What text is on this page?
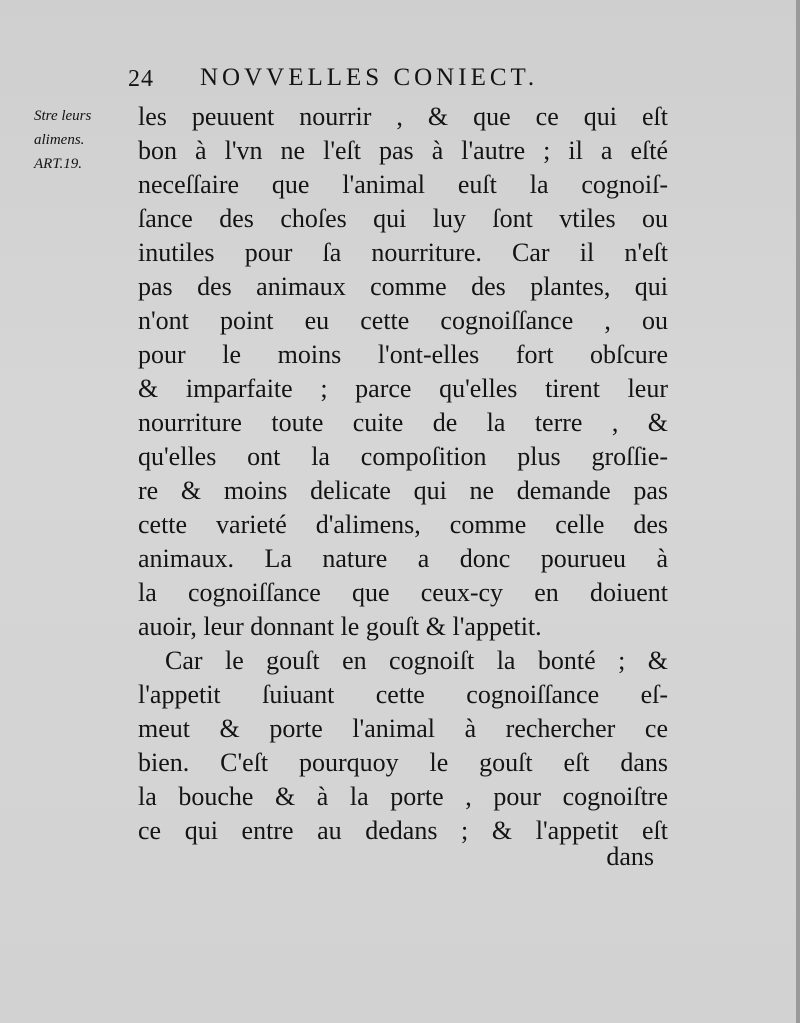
24 NOVVELLES CONIECT.
Stre leurs
alimens.
ART.19.
les peuuent nourrir , & que ce qui eſt
bon à l'vn ne l'eſt pas à l'autre ; il a eſté
neceſſaire que l'animal euſt la cognoiſ-
ſance des choſes qui luy ſont vtiles ou
inutiles pour ſa nourriture. Car il n'eſt
pas des animaux comme des plantes, qui
n'ont point eu cette cognoiſſance , ou
pour le moins l'ont-elles fort obſcure
& imparfaite ; parce qu'elles tirent leur
nourriture toute cuite de la terre , &
qu'elles ont la compoſition plus groſſie-
re & moins delicate qui ne demande pas
cette varieté d'alimens, comme celle des
animaux. La nature a donc pourueu à
la cognoiſſance que ceux-cy en doiuent
auoir, leur donnant le gouſt & l'appetit.
Car le gouſt en cognoiſt la bonté ; &
l'appetit ſuiuant cette cognoiſſance eſ-
meut & porte l'animal à rechercher ce
bien. C'eſt pourquoy le gouſt eſt dans
la bouche & à la porte , pour cognoiſtre
ce qui entre au dedans ; & l'appetit eſt
dans
